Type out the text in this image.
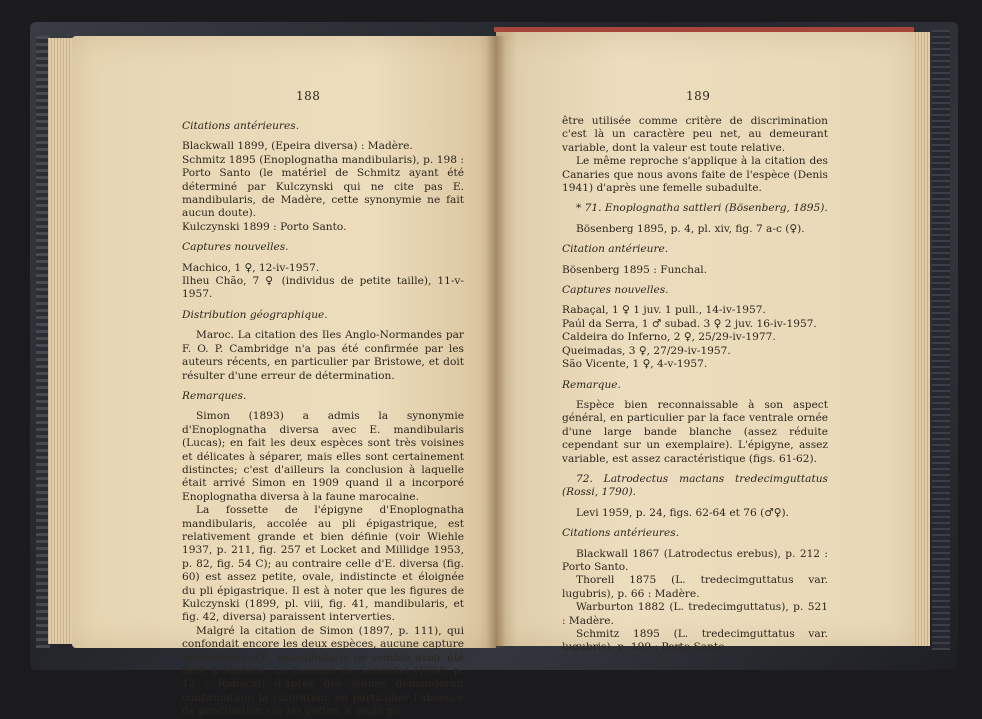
188

Citations antérieures.

Blackwall 1899, (Epeira diversa) : Madère.

Schmitz 1895 (Enoplognatha mandibularis), p. 198 : Porto Santo (le matériel de Schmitz ayant été déterminé par Kulczynski qui ne cite pas E. mandibularis, de Madère, cette synonymie ne fait aucun doute).

Kulczynski 1899 : Porto Santo.

Captures nouvelles.

Machico, 1 ♀, 12-iv-1957.

Ilheu Chão, 7 ♀ (individus de petite taille), 11-v-1957.

Distribution géographique.

Maroc. La citation des Iles Anglo-Normandes par F. O. P. Cambridge n'a pas été confirmée par les auteurs récents, en particulier par Bristowe, et doit résulter d'une erreur de détermination.

Remarques.

Simon (1893) a admis la synonymie d'Enoplognatha diversa avec E. mandibularis (Lucas); en fait les deux espèces sont très voisines et délicates à séparer, mais elles sont certainement distinctes; c'est d'ailleurs la conclusion à laquelle était arrivé Simon en 1909 quand il a incorporé Enoplognatha diversa à la faune marocaine.

La fossette de l'épigyne d'Enoplognatha mandibularis, accolée au pli épigastrique, est relativement grande et bien définie (voir Wiehle 1937, p. 211, fig. 257 et Locket and Millidge 1953, p. 82, fig. 54 C); au contraire celle d'E. diversa (fig. 60) est assez petite, ovale, indistincte et éloignée du pli épigastrique. Il est à noter que les figures de Kulczynski (1899, pl. viii, fig. 41, mandibularis, et fig. 42, diversa) paraissent interverties.

Malgré la citation de Simon (1897, p. 111), qui confondait encore les deux espèces, aucune capture authentique d'E. mandibularis ne semble avoir été faite à Madère. La mention de Schenkel (1938, p. 12 : Rabaçal) d'après des jeunes demanderait confirmation; la coloration, en particulier l'absence de ponctuation sur les pattes, a seule pu

189

être utilisée comme critère de discrimination c'est là un caractère peu net, au demeurant variable, dont la valeur est toute relative.

Le même reproche s'applique à la citation des Canaries que nous avons faite de l'espèce (Denis 1941) d'après une femelle subadulte.

* 71. Enoplognatha sattleri (Bösenberg, 1895).

Bösenberg 1895, p. 4, pl. xiv, fig. 7 a-c (♀).

Citation antérieure.

Bösenberg 1895 : Funchal.

Captures nouvelles.

Rabaçal, 1 ♀ 1 juv. 1 pull., 14-iv-1957.

Paúl da Serra, 1 ♂ subad. 3 ♀ 2 juv. 16-iv-1957.

Caldeira do Inferno, 2 ♀, 25/29-iv-1977.

Queimadas, 3 ♀, 27/29-iv-1957.

São Vicente, 1 ♀, 4-v-1957.

Remarque.

Espèce bien reconnaissable à son aspect général, en particulier par la face ventrale ornée d'une large bande blanche (assez réduite cependant sur un exemplaire). L'épigyne, assez variable, est assez caractéristique (figs. 61-62).

72. Latrodectus mactans tredecimguttatus (Rossi, 1790).

Levi 1959, p. 24, figs. 62-64 et 76 (♂♀).

Citations antérieures.

Blackwall 1867 (Latrodectus erebus), p. 212 : Porto Santo.

Thorell 1875 (L. tredecimguttatus var. lugubris), p. 66 : Madère.

Warburton 1882 (L. tredecimguttatus), p. 521 : Madère.

Schmitz 1895 (L. tredecimguttatus var. lugubris), p. 199 : Porto Santo.
